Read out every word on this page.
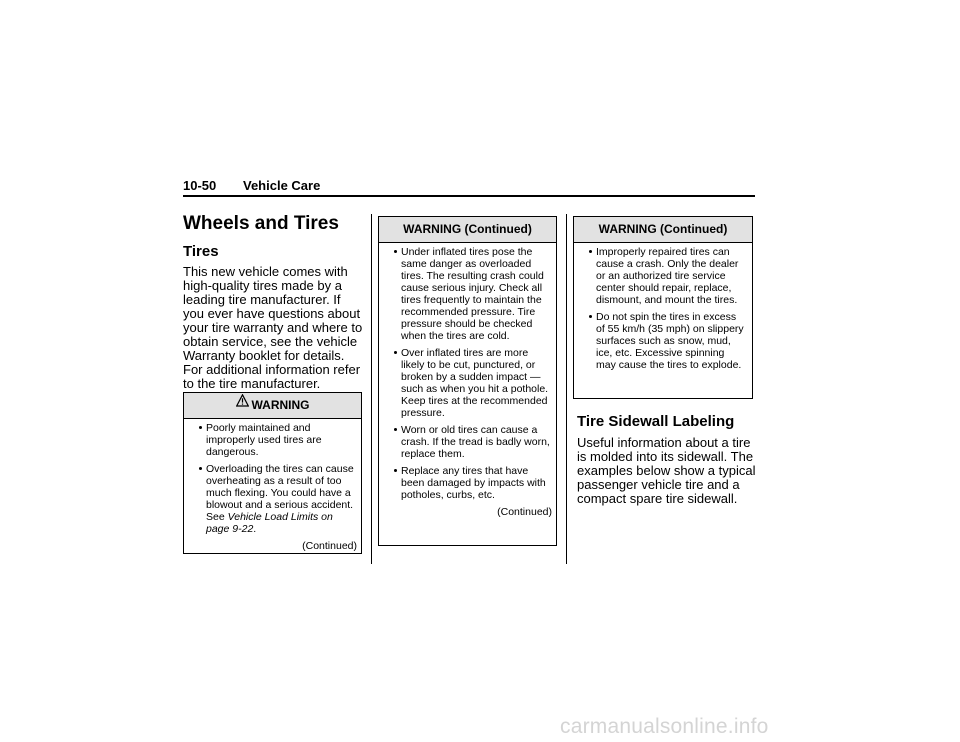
10-50 Vehicle Care
Wheels and Tires
Tires

This new vehicle comes with high-quality tires made by a leading tire manufacturer. If you ever have questions about your tire warranty and where to obtain service, see the vehicle Warranty booklet for details. For additional information refer to the tire manufacturer.

WARNING
Poorly maintained and improperly used tires are dangerous.
Overloading the tires can cause overheating as a result of too much flexing. You could have a blowout and a serious accident. See Vehicle Load Limits on page 9-22.
(Continued)
WARNING (Continued)
Under inflated tires pose the same danger as overloaded tires. The resulting crash could cause serious injury. Check all tires frequently to maintain the recommended pressure. Tire pressure should be checked when the tires are cold.
Over inflated tires are more likely to be cut, punctured, or broken by a sudden impact — such as when you hit a pothole. Keep tires at the recommended pressure.
Worn or old tires can cause a crash. If the tread is badly worn, replace them.
Replace any tires that have been damaged by impacts with potholes, curbs, etc.
(Continued)
WARNING (Continued)
Improperly repaired tires can cause a crash. Only the dealer or an authorized tire service center should repair, replace, dismount, and mount the tires.
Do not spin the tires in excess of 55 km/h (35 mph) on slippery surfaces such as snow, mud, ice, etc. Excessive spinning may cause the tires to explode.
Tire Sidewall Labeling

Useful information about a tire is molded into its sidewall. The examples below show a typical passenger vehicle tire and a compact spare tire sidewall.

carmanualsonline.info
